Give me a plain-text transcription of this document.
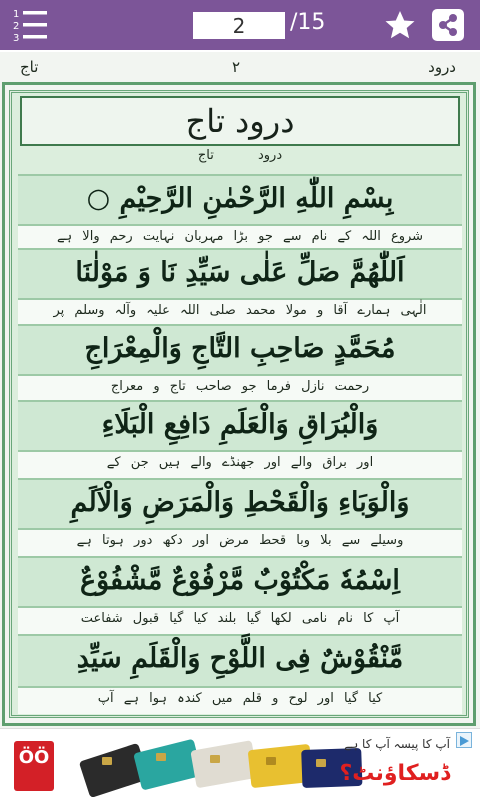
1
2
3
2
/15
تاج	۲	درود
درود تاج
درود تاج
بِسْمِ اللّٰهِ الرَّحْمٰنِ الرَّحِيْمِ ○
شروع اللہ کے نام سے جو بڑا مہربان نہایت رحم والا ہے
اَللّٰهُمَّ صَلِّ عَلٰى سَيِّدِ نَا وَ مَوْلٰنَا
الٰہی ہمارے آقا و مولا محمد صلی اللہ علیہ وآلہ وسلم پر
مُحَمَّدٍ صَاحِبِ التَّاجِ وَالْمِعْرَاجِ
رحمت نازل فرما جو صاحب تاج و معراج
وَالْبُرَاقِ وَالْعَلَمِ دَافِعِ الْبَلَاءِ
اور براق والے اور جھنڈے والے ہیں جن کے
وَالْوَبَاءِ وَالْقَحْطِ وَالْمَرَضِ وَالْاَلَمِ
وسیلے سے بلا وبا قحط مرض اور دکھ دور ہوتا ہے
اِسْمُهٗ مَكْتُوْبٌ مَّرْفُوْعٌ مَّشْفُوْعٌ
آپ کا نام نامی لکھا گیا بلند کیا گیا قبول شفاعت
مَّنْقُوْشٌ فِى اللَّوْحِ وَالْقَلَمِ سَيِّدِ
کیا گیا اور لوح و قلم میں کندہ ہوا ہے آپ
ÖÖ
آپ کا پیسہ آپ کا ہے
ڈسکاؤنٹ؟
